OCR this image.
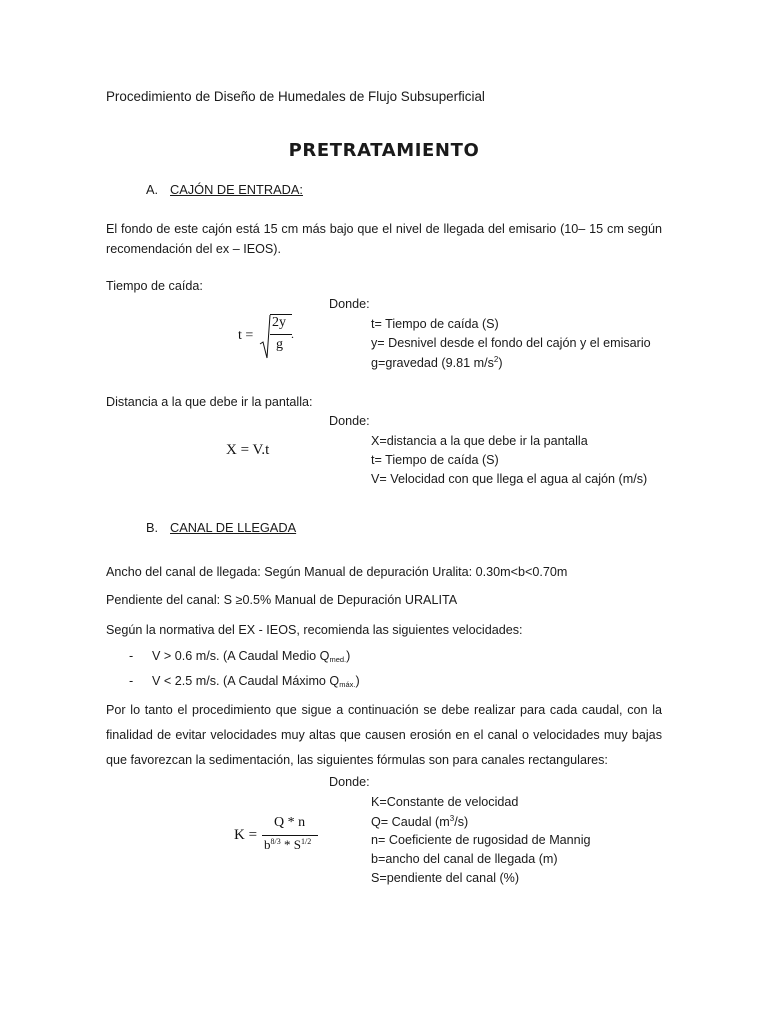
Procedimiento de Diseño de Humedales de Flujo Subsuperficial
PRETRATAMIENTO
A. CAJÓN DE ENTRADA:
El fondo de este cajón está 15 cm más bajo que el nivel de llegada del emisario (10– 15 cm según recomendación del ex – IEOS).
Tiempo de caída:
Donde:
t =
2y
g
.
t= Tiempo de caída (S)
y= Desnivel desde el fondo del cajón y el emisario
g=gravedad (9.81 $m/s^2$)
Distancia a la que debe ir la pantalla:
Donde:
X = V.t
X=distancia a la que debe ir la pantalla
t= Tiempo de caída (S)
V= Velocidad con que llega el agua al cajón (m/s)
B. CANAL DE LLEGADA
Ancho del canal de llegada: Según Manual de depuración Uralita: 0.30m<b<0.70m
Pendiente del canal: S ≥0.5% Manual de Depuración URALITA
Según la normativa del EX - IEOS, recomienda las siguientes velocidades:
- V > 0.6 m/s. (A Caudal Medio $Q_{med.}$)
- V < 2.5 m/s. (A Caudal Máximo $Q_{máx.}$)
Por lo tanto el procedimiento que sigue a continuación se debe realizar para cada caudal, con la finalidad de evitar velocidades muy altas que causen erosión en el canal o velocidades muy bajas que favorezcan la sedimentación, las siguientes fórmulas son para canales rectangulares:
Donde:
K =
Q * n
$b^{8/3} * S^{1/2}$
K=Constante de velocidad
Q= Caudal $(m^3/s)$
n= Coeficiente de rugosidad de Mannig
b=ancho del canal de llegada (m)
S=pendiente del canal (%)
